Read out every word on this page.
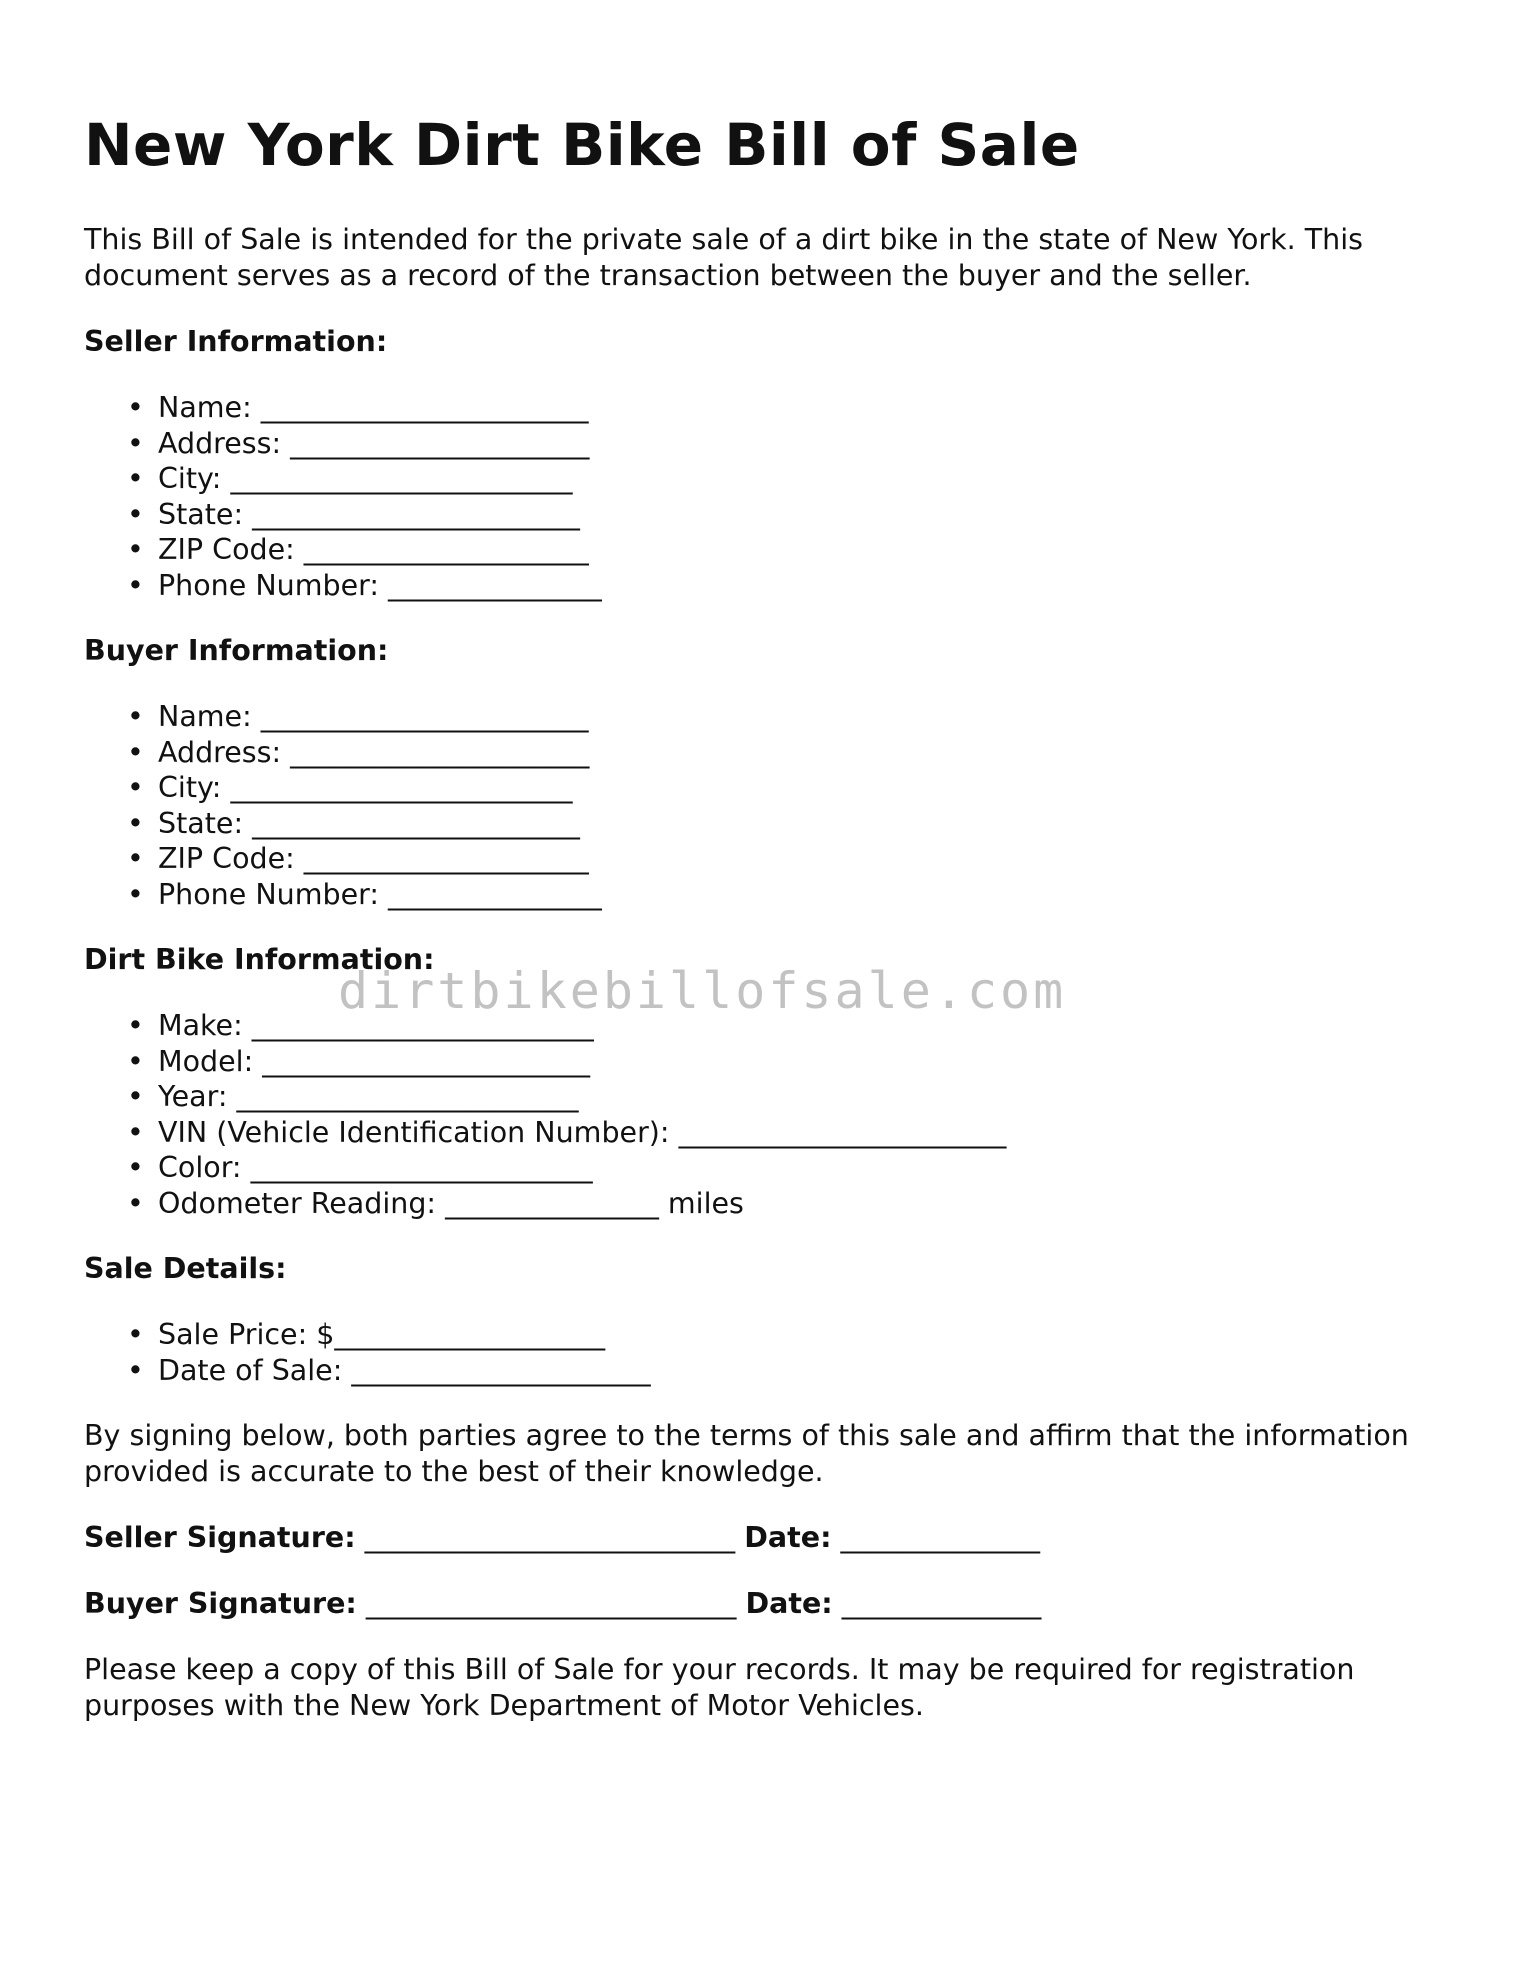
New York Dirt Bike Bill of Sale

This Bill of Sale is intended for the private sale of a dirt bike in the state of New York. This document serves as a record of the transaction between the buyer and the seller.

Seller Information:
• Name: _______________________
• Address: _____________________
• City: ________________________
• State: _______________________
• ZIP Code: ____________________
• Phone Number: _______________
Buyer Information:
• Name: _______________________
• Address: _____________________
• City: ________________________
• State: _______________________
• ZIP Code: ____________________
• Phone Number: _______________
Dirt Bike Information:
• Make: ________________________
• Model: _______________________
• Year: ________________________
• VIN (Vehicle Identification Number): _______________________
• Color: ________________________
• Odometer Reading: _______________ miles
Sale Details:
• Sale Price: $___________________
• Date of Sale: _____________________

By signing below, both parties agree to the terms of this sale and affirm that the information provided is accurate to the best of their knowledge.

Seller Signature: __________________________ Date: ______________
Buyer Signature: __________________________ Date: ______________

Please keep a copy of this Bill of Sale for your records. It may be required for registration purposes with the New York Department of Motor Vehicles.

dirtbikebillofsale.com
